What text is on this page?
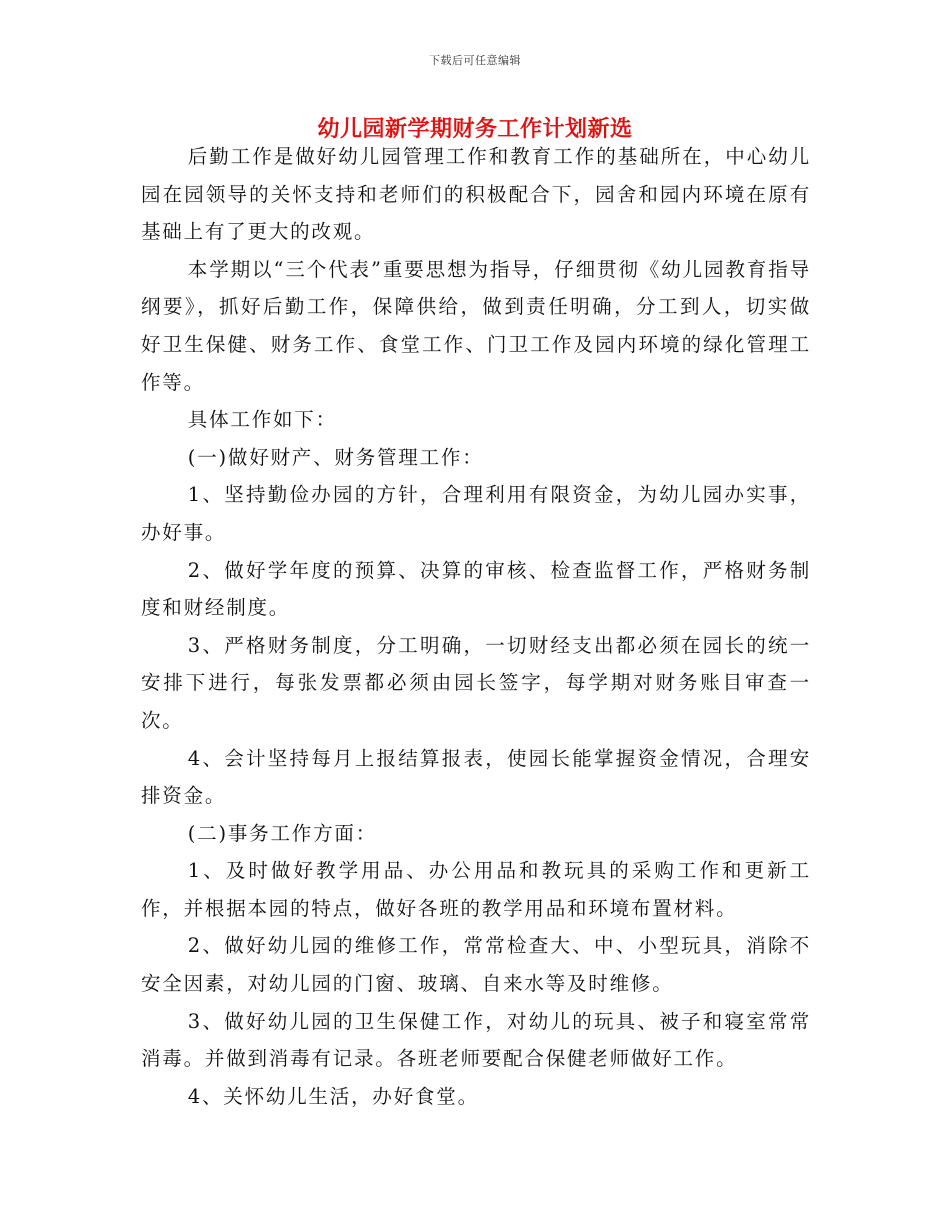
下载后可任意编辑
幼儿园新学期财务工作计划新选

后勤工作是做好幼儿园管理工作和教育工作的基础所在，中心幼儿园在园领导的关怀支持和老师们的积极配合下，园舍和园内环境在原有基础上有了更大的改观。

本学期以“三个代表”重要思想为指导，仔细贯彻《幼儿园教育指导纲要》，抓好后勤工作，保障供给，做到责任明确，分工到人，切实做好卫生保健、财务工作、食堂工作、门卫工作及园内环境的绿化管理工作等。

具体工作如下：

(一)做好财产、财务管理工作：

1、坚持勤俭办园的方针，合理利用有限资金，为幼儿园办实事，办好事。

2、做好学年度的预算、决算的审核、检查监督工作，严格财务制度和财经制度。

3、严格财务制度，分工明确，一切财经支出都必须在园长的统一安排下进行，每张发票都必须由园长签字，每学期对财务账目审查一次。

4、会计坚持每月上报结算报表，使园长能掌握资金情况，合理安排资金。

(二)事务工作方面：

1、及时做好教学用品、办公用品和教玩具的采购工作和更新工作，并根据本园的特点，做好各班的教学用品和环境布置材料。

2、做好幼儿园的维修工作，常常检查大、中、小型玩具，消除不安全因素，对幼儿园的门窗、玻璃、自来水等及时维修。

3、做好幼儿园的卫生保健工作，对幼儿的玩具、被子和寝室常常消毒。并做到消毒有记录。各班老师要配合保健老师做好工作。

4、关怀幼儿生活，办好食堂。
